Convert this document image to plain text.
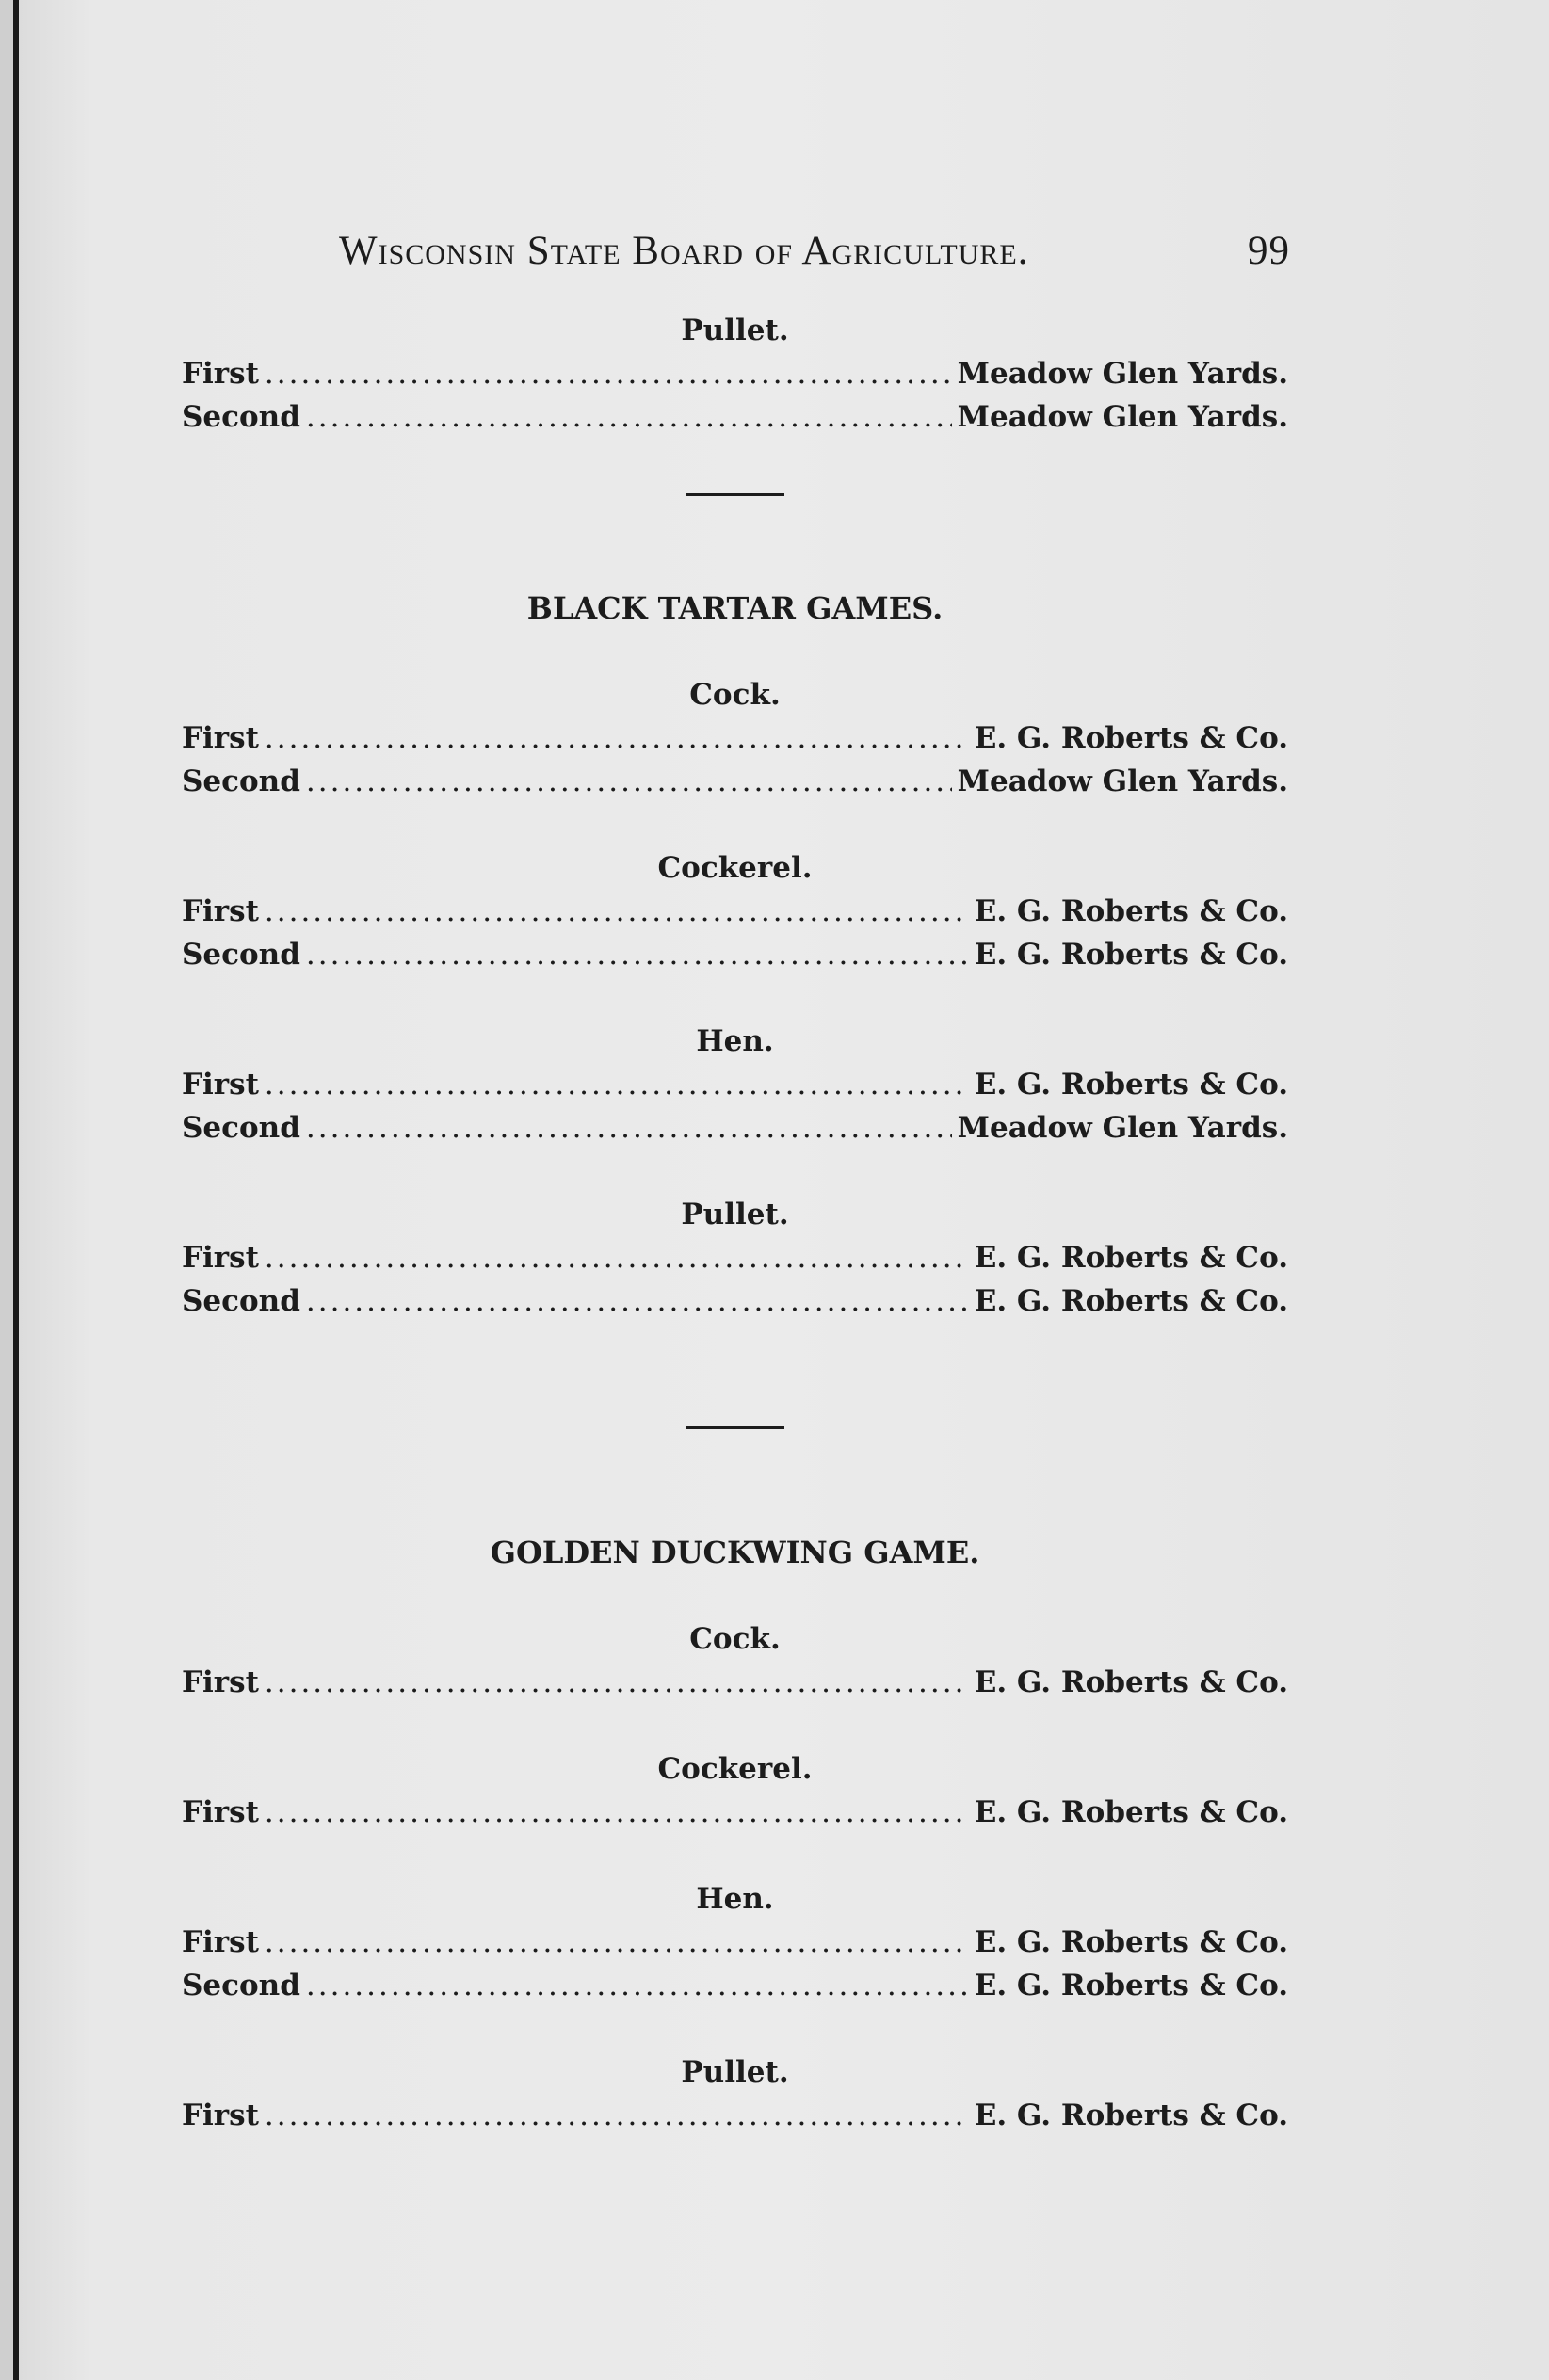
Wisconsin State Board of Agriculture.	99
Pullet.
First .....	Meadow Glen Yards.
Second .....	Meadow Glen Yards.
BLACK TARTAR GAMES.
Cock.
First .....	E. G. Roberts & Co.
Second .....	Meadow Glen Yards.
Cockerel.
First .....	E. G. Roberts & Co.
Second .....	E. G. Roberts & Co.
Hen.
First .....	E. G. Roberts & Co.
Second .....	Meadow Glen Yards.
Pullet.
First .....	E. G. Roberts & Co.
Second .....	E. G. Roberts & Co.
GOLDEN DUCKWING GAME.
Cock.
First .....	E. G. Roberts & Co.
Cockerel.
First .....	E. G. Roberts & Co.
Hen.
First .....	E. G. Roberts & Co.
Second .....	E. G. Roberts & Co.
Pullet.
First .....	E. G. Roberts & Co.
